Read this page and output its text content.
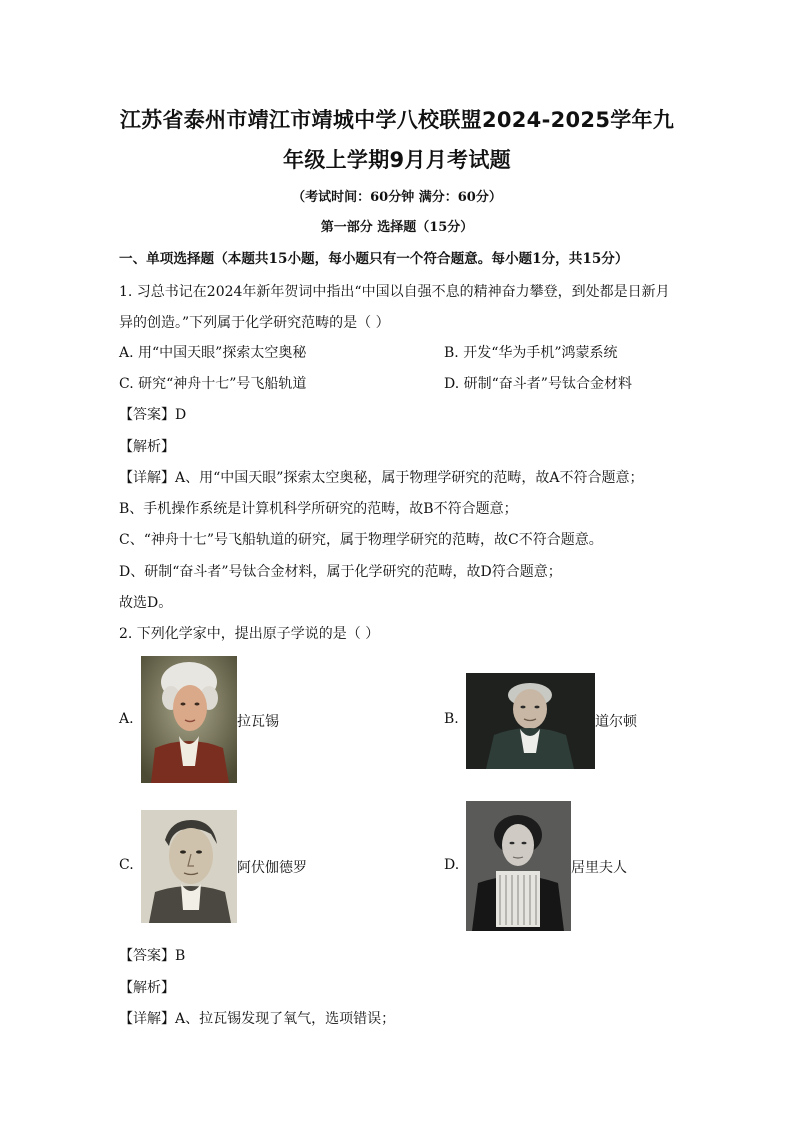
江苏省泰州市靖江市靖城中学八校联盟2024-2025学年九
年级上学期9月月考试题
（考试时间：60分钟 满分：60分）
第一部分 选择题（15分）
一、单项选择题（本题共15小题，每小题只有一个符合题意。每小题1分，共15分）
1. 习总书记在2024年新年贺词中指出“中国以自强不息的精神奋力攀登，到处都是日新月
异的创造。”下列属于化学研究范畴的是（ ）
A. 用“中国天眼”探索太空奥秘	B. 开发“华为手机”鸿蒙系统
C. 研究“神舟十七”号飞船轨道	D. 研制“奋斗者”号钛合金材料
【答案】D
【解析】
【详解】A、用“中国天眼”探索太空奥秘，属于物理学研究的范畴，故A不符合题意；
B、手机操作系统是计算机科学所研究的范畴，故B不符合题意；
C、“神舟十七”号飞船轨道的研究，属于物理学研究的范畴，故C不符合题意。
D、研制“奋斗者”号钛合金材料，属于化学研究的范畴，故D符合题意；
故选D。
2. 下列化学家中，提出原子学说的是（ ）
A.	拉瓦锡	B.	道尔顿
C.	阿伏伽德罗	D.	居里夫人
【答案】B
【解析】
【详解】A、拉瓦锡发现了氧气，选项错误；
